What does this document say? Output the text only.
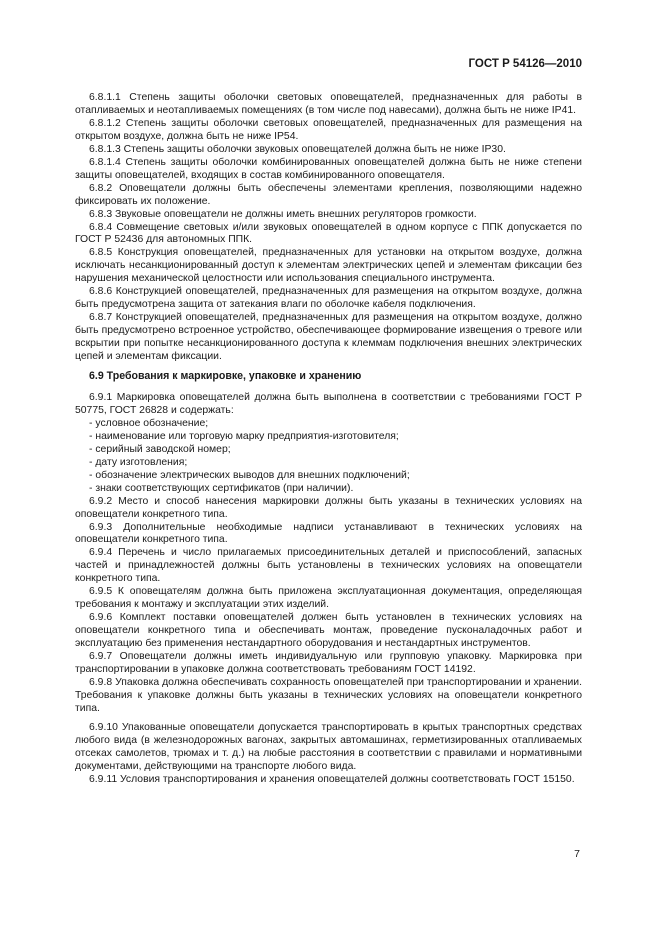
ГОСТ Р 54126—2010

6.8.1.1 Степень защиты оболочки световых оповещателей, предназначенных для работы в отапливаемых и неотапливаемых помещениях (в том числе под навесами), должна быть не ниже IP41.

6.8.1.2 Степень защиты оболочки световых оповещателей, предназначенных для размещения на открытом воздухе, должна быть не ниже IP54.

6.8.1.3 Степень защиты оболочки звуковых оповещателей должна быть не ниже IP30.

6.8.1.4 Степень защиты оболочки комбинированных оповещателей должна быть не ниже степени защиты оповещателей, входящих в состав комбинированного оповещателя.

6.8.2 Оповещатели должны быть обеспечены элементами крепления, позволяющими надежно фиксировать их положение.

6.8.3 Звуковые оповещатели не должны иметь внешних регуляторов громкости.

6.8.4 Совмещение световых и/или звуковых оповещателей в одном корпусе с ППК допускается по ГОСТ Р 52436 для автономных ППК.

6.8.5 Конструкция оповещателей, предназначенных для установки на открытом воздухе, должна исключать несанкционированный доступ к элементам электрических цепей и элементам фиксации без нарушения механической целостности или использования специального инструмента.

6.8.6 Конструкцией оповещателей, предназначенных для размещения на открытом воздухе, должна быть предусмотрена защита от затекания влаги по оболочке кабеля подключения.

6.8.7 Конструкцией оповещателей, предназначенных для размещения на открытом воздухе, должно быть предусмотрено встроенное устройство, обеспечивающее формирование извещения о тревоге или вскрытии при попытке несанкционированного доступа к клеммам подключения внешних электрических цепей и элементам фиксации.

6.9 Требования к маркировке, упаковке и хранению

6.9.1 Маркировка оповещателей должна быть выполнена в соответствии с требованиями ГОСТ Р 50775, ГОСТ 26828 и содержать:

- условное обозначение;
- наименование или торговую марку предприятия-изготовителя;
- серийный заводской номер;
- дату изготовления;
- обозначение электрических выводов для внешних подключений;
- знаки соответствующих сертификатов (при наличии).

6.9.2 Место и способ нанесения маркировки должны быть указаны в технических условиях на оповещатели конкретного типа.

6.9.3 Дополнительные необходимые надписи устанавливают в технических условиях на оповещатели конкретного типа.

6.9.4 Перечень и число прилагаемых присоединительных деталей и приспособлений, запасных частей и принадлежностей должны быть установлены в технических условиях на оповещатели конкретного типа.

6.9.5 К оповещателям должна быть приложена эксплуатационная документация, определяющая требования к монтажу и эксплуатации этих изделий.

6.9.6 Комплект поставки оповещателей должен быть установлен в технических условиях на оповещатели конкретного типа и обеспечивать монтаж, проведение пусконаладочных работ и эксплуатацию без применения нестандартного оборудования и нестандартных инструментов.

6.9.7 Оповещатели должны иметь индивидуальную или групповую упаковку. Маркировка при транспортировании в упаковке должна соответствовать требованиям ГОСТ 14192.

6.9.8 Упаковка должна обеспечивать сохранность оповещателей при транспортировании и хранении. Требования к упаковке должны быть указаны в технических условиях на оповещатели конкретного типа.

6.9.10 Упакованные оповещатели допускается транспортировать в крытых транспортных средствах любого вида (в железнодорожных вагонах, закрытых автомашинах, герметизированных отапливаемых отсеках самолетов, трюмах и т. д.) на любые расстояния в соответствии с правилами и нормативными документами, действующими на транспорте любого вида.

6.9.11 Условия транспортирования и хранения оповещателей должны соответствовать ГОСТ 15150.

7
